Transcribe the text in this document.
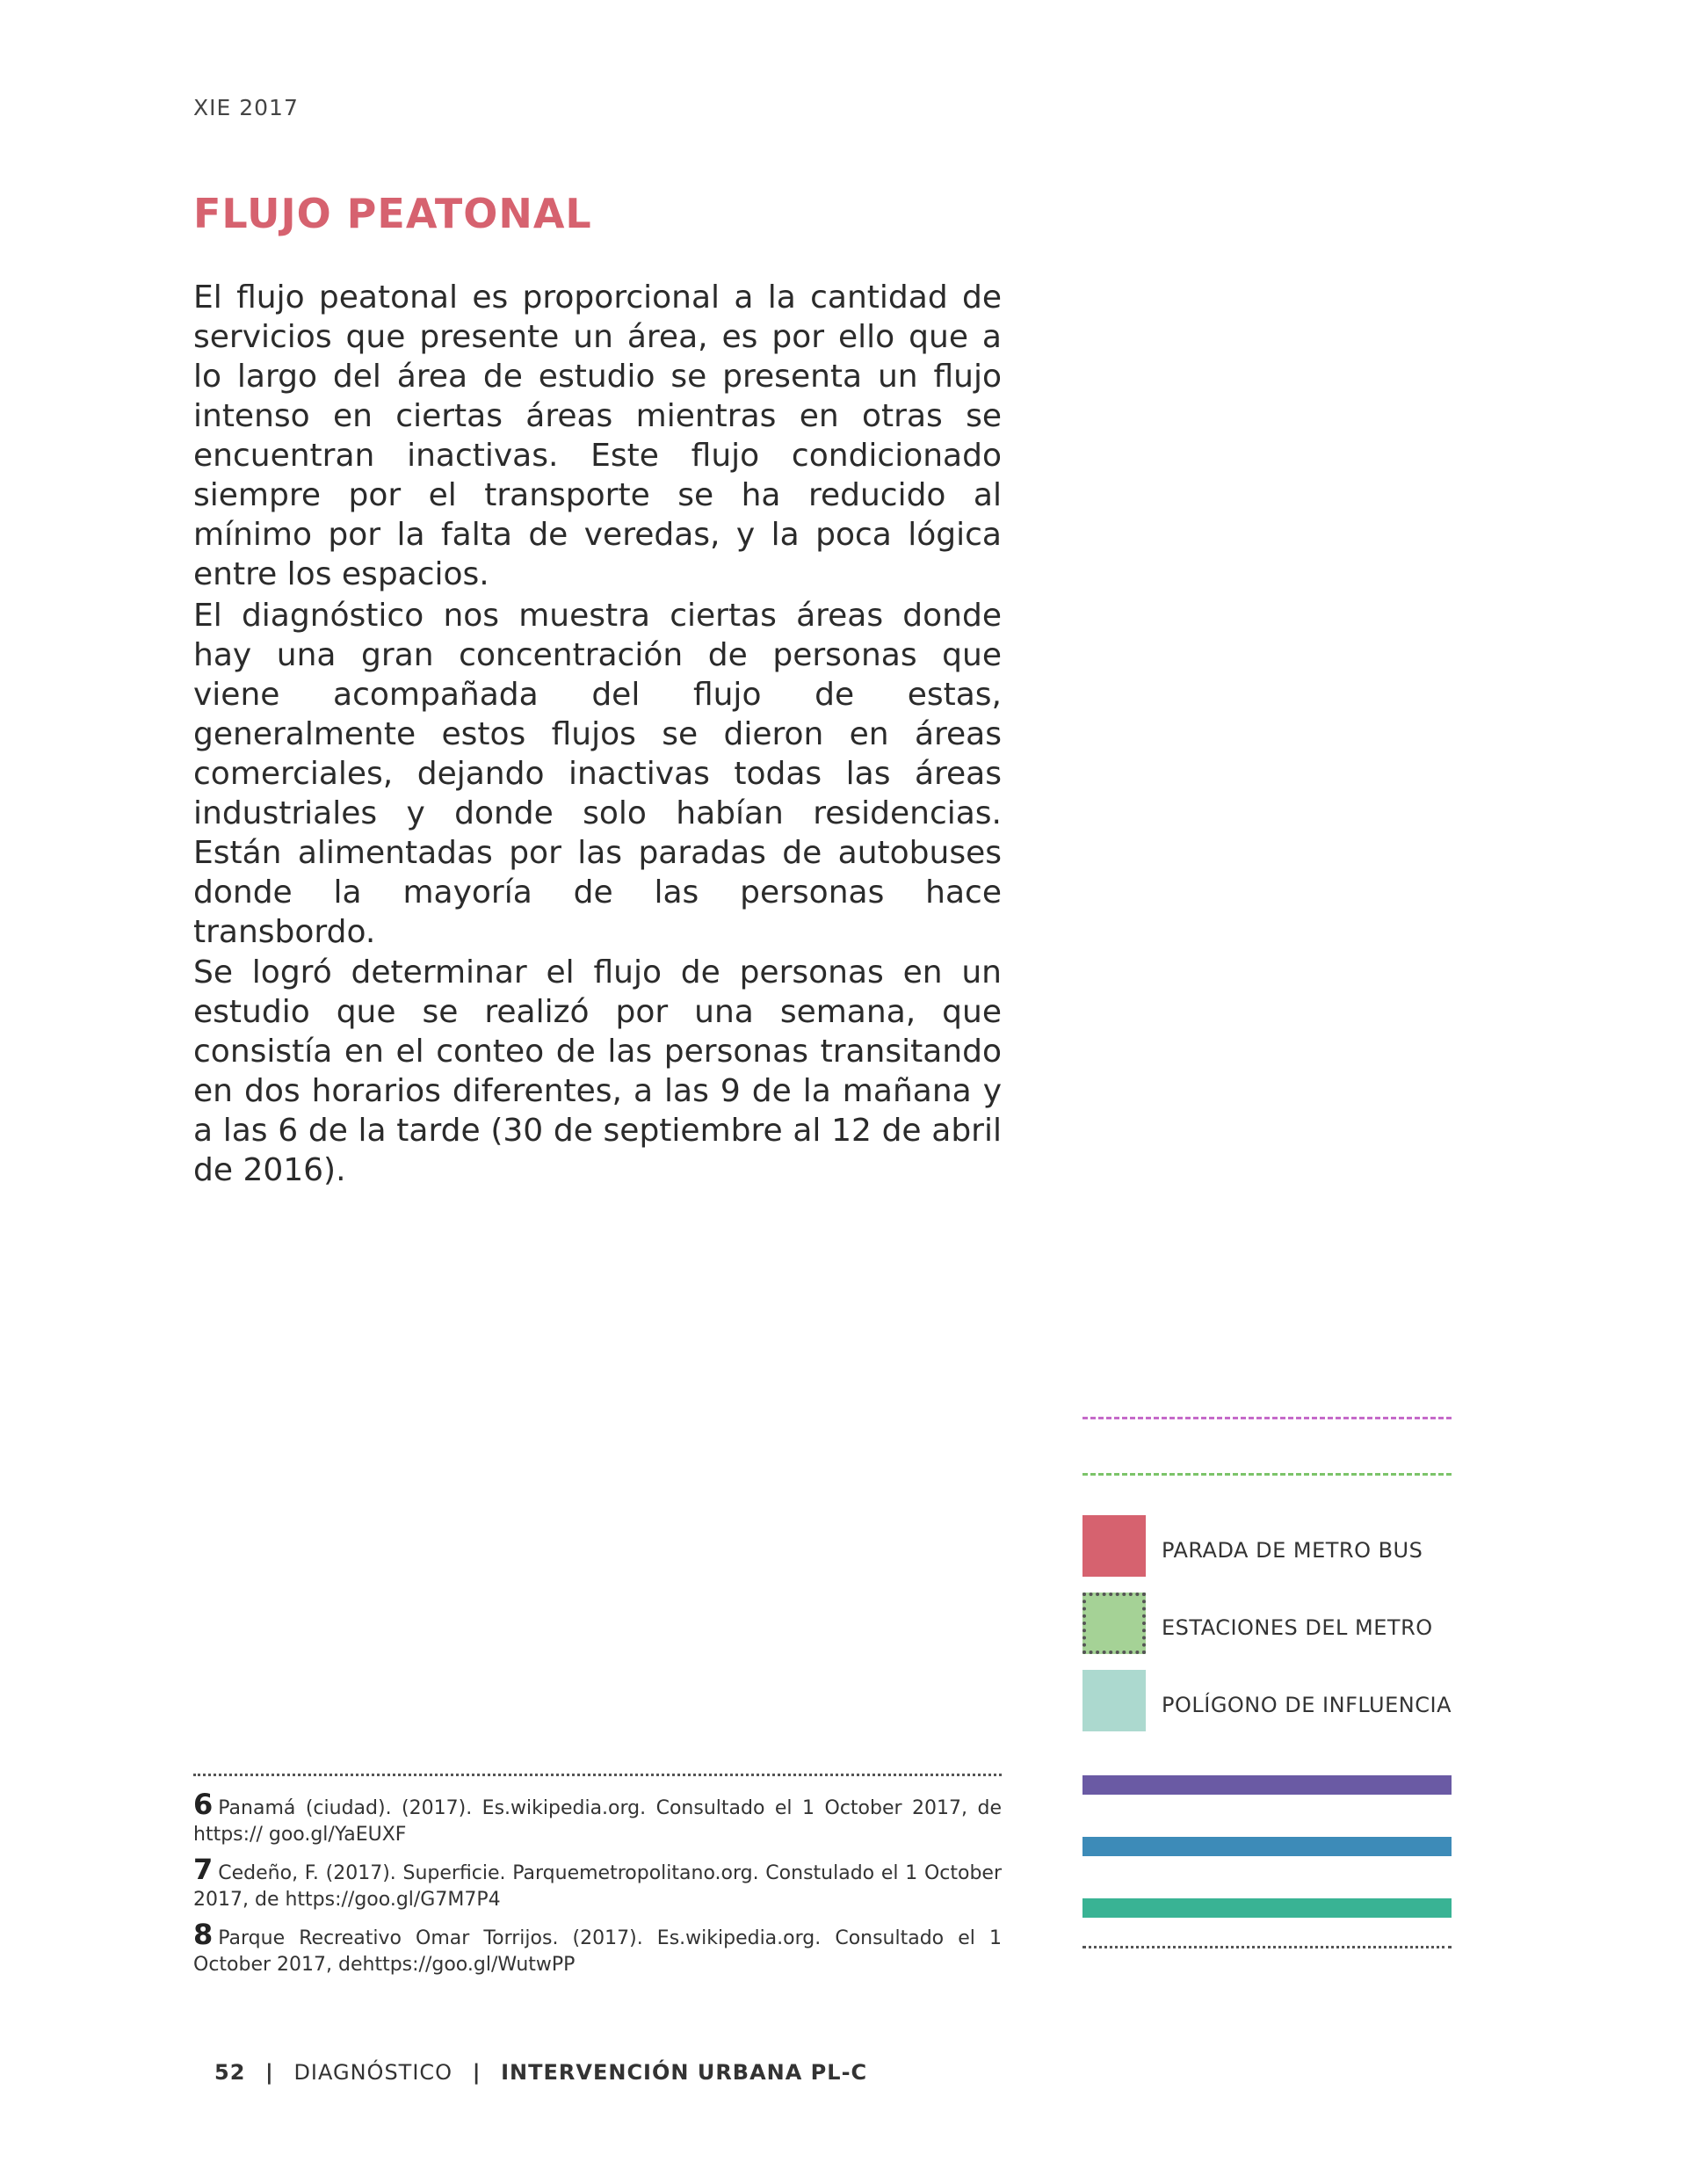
XIE 2017
FLUJO PEATONAL

El flujo peatonal es proporcional a la cantidad de servicios que presente un área, es por ello que a lo largo del área de estudio se presenta un flujo intenso en ciertas áreas mientras en otras se encuentran inactivas. Este flujo condicionado siempre por el transporte se ha reducido al mínimo por la falta de veredas, y la poca lógica entre los espacios.

El diagnóstico nos muestra ciertas áreas donde hay una gran concentración de personas que viene acompañada del flujo de estas, generalmente estos flujos se dieron en áreas comerciales, dejando inactivas todas las áreas industriales y donde solo habían residencias. Están alimentadas por las paradas de autobuses donde la mayoría de las personas hace transbordo.

Se logró determinar el flujo de personas en un estudio que se realizó por una semana, que consistía en el conteo de las personas transitando en dos horarios diferentes, a las 9 de la mañana y a las 6 de la tarde (30 de septiembre al 12 de abril de 2016).

PARADA DE METRO BUS
ESTACIONES DEL METRO
POLÍGONO DE INFLUENCIA
6 Panamá (ciudad). (2017). Es.wikipedia.org. Consultado el 1 October 2017, de https:// goo.gl/YaEUXF
7 Cedeño, F. (2017). Superficie. Parquemetropolitano.org. Constulado el 1 October 2017, de https://goo.gl/G7M7P4
8 Parque Recreativo Omar Torrijos. (2017). Es.wikipedia.org. Consultado el 1 October 2017, dehttps://goo.gl/WutwPP
52 | DIAGNÓSTICO | INTERVENCIÓN URBANA PL-C
